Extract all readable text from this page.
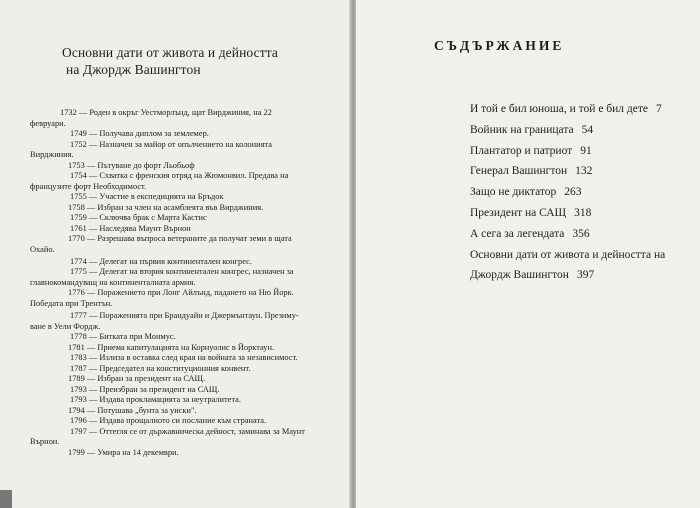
Основни дати от живота и дейността
на Джордж Вашингтон
1732 — Роден в окръг Уестморлънд, щат Вирджиния, на 22
февруари.
1749 — Получава диплом за землемер.
1752 — Назначен за майор от опълчението на колонията
Вирджиния.
1753 — Пътуване до форт Льобьоф
1754 — Схватка с френския отряд на Жюмонвил. Предава на
французите форт Необходимост.
1755 — Участие в експедицията на Бръдок
1758 — Избран за член на асамблеята във Вирджиния.
1759 — Сключва брак с Марта Кастис
1761 — Наследява Маунт Върнон
1770 — Разрешава въпроса ветераните да получат земи в щата
Охайо.
1774 — Делегат на първия континентален конгрес.
1775 — Делегат на втория континентален конгрес, назначен за
главнокомандуващ на континенталната армия.
1776 — Поражението при Лонг Айлънд, падането на Ню Йорк.
Победата при Трентън.
1777 — Пораженията при Брандуайн и Джермънтаун. Презиму-
ване в Уели Фордж.
1778 — Битката при Монмус.
1781 — Приема капитулацията на Корнуолис в Йорктаун.
1783 — Излиза в оставка след края на войната за независимост.
1787 — Председател на конституционния конвент.
1789 — Избран за президент на САЩ.
1793 — Преизбран за президент на САЩ.
1793 — Издава прокламацията за неутралитета.
1794 — Потушава „бунта за уиски".
1796 — Издава прощалното си послание към страната.
1797 — Оттегля се от държавническа дейност, заминава за Маунт
Върнон.
1799 — Умира на 14 декември.
СЪДЪРЖАНИЕ
И той е бил юноша, и той е бил дете 7
Войник на границата 54
Плантатор и патриот 91
Генерал Вашингтон 132
Защо не диктатор 263
Президент на САЩ 318
А сега за легендата 356
Основни дати от живота и дейността на
Джордж Вашингтон 397
